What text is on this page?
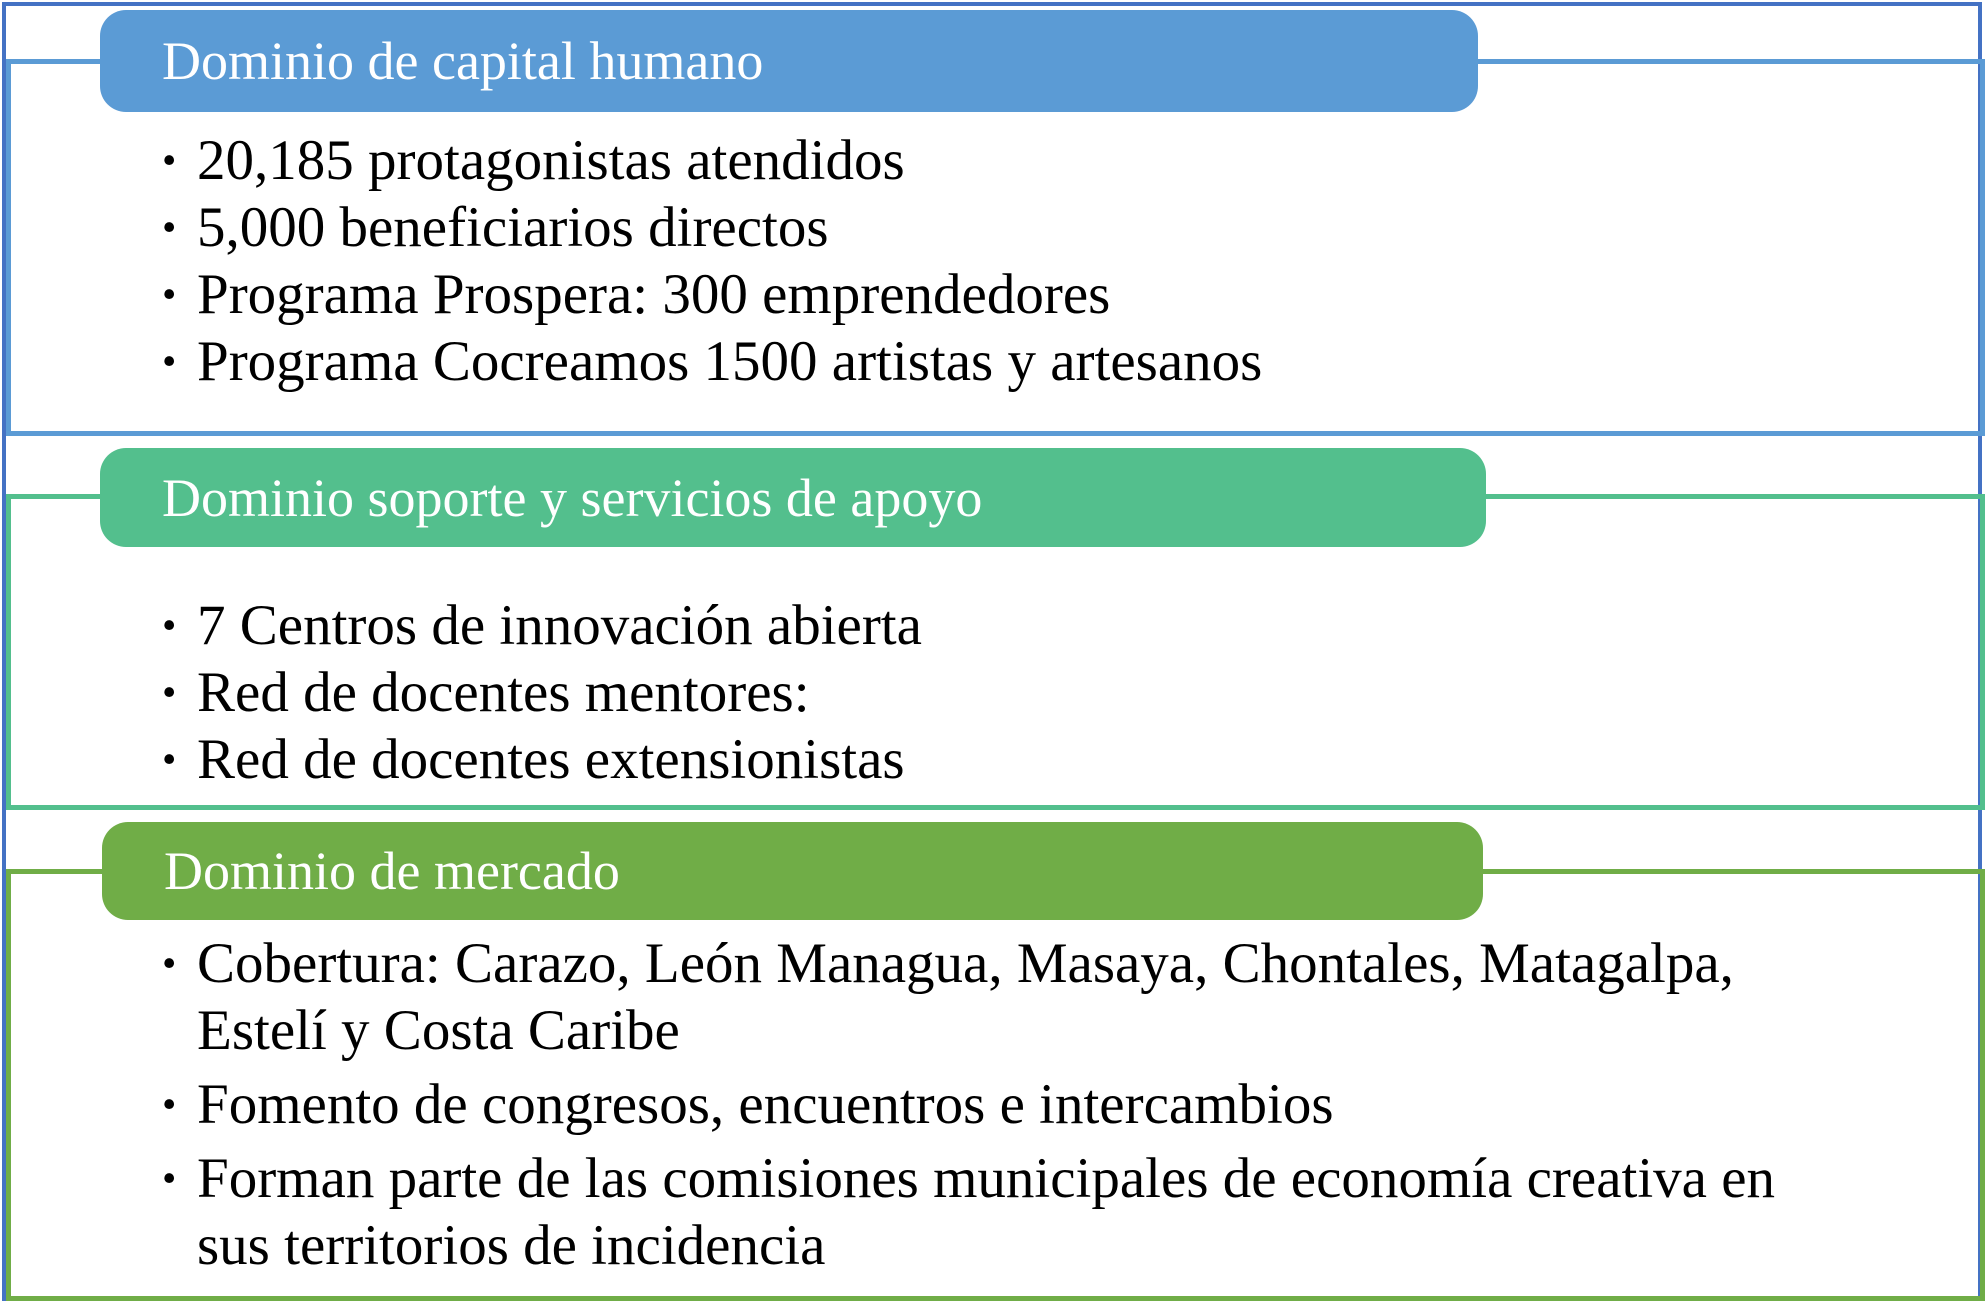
Dominio de capital humano
• 20,185 protagonistas atendidos
• 5,000 beneficiarios directos
• Programa Prospera: 300 emprendedores
• Programa Cocreamos 1500 artistas y artesanos
Dominio soporte y servicios de apoyo
• 7 Centros de innovación abierta
• Red de docentes mentores:
• Red de docentes extensionistas
Dominio de mercado
• Cobertura: Carazo, León Managua, Masaya, Chontales, Matagalpa, Estelí y Costa Caribe
• Fomento de congresos, encuentros e intercambios
• Forman parte de las comisiones municipales de economía creativa en sus territorios de incidencia
